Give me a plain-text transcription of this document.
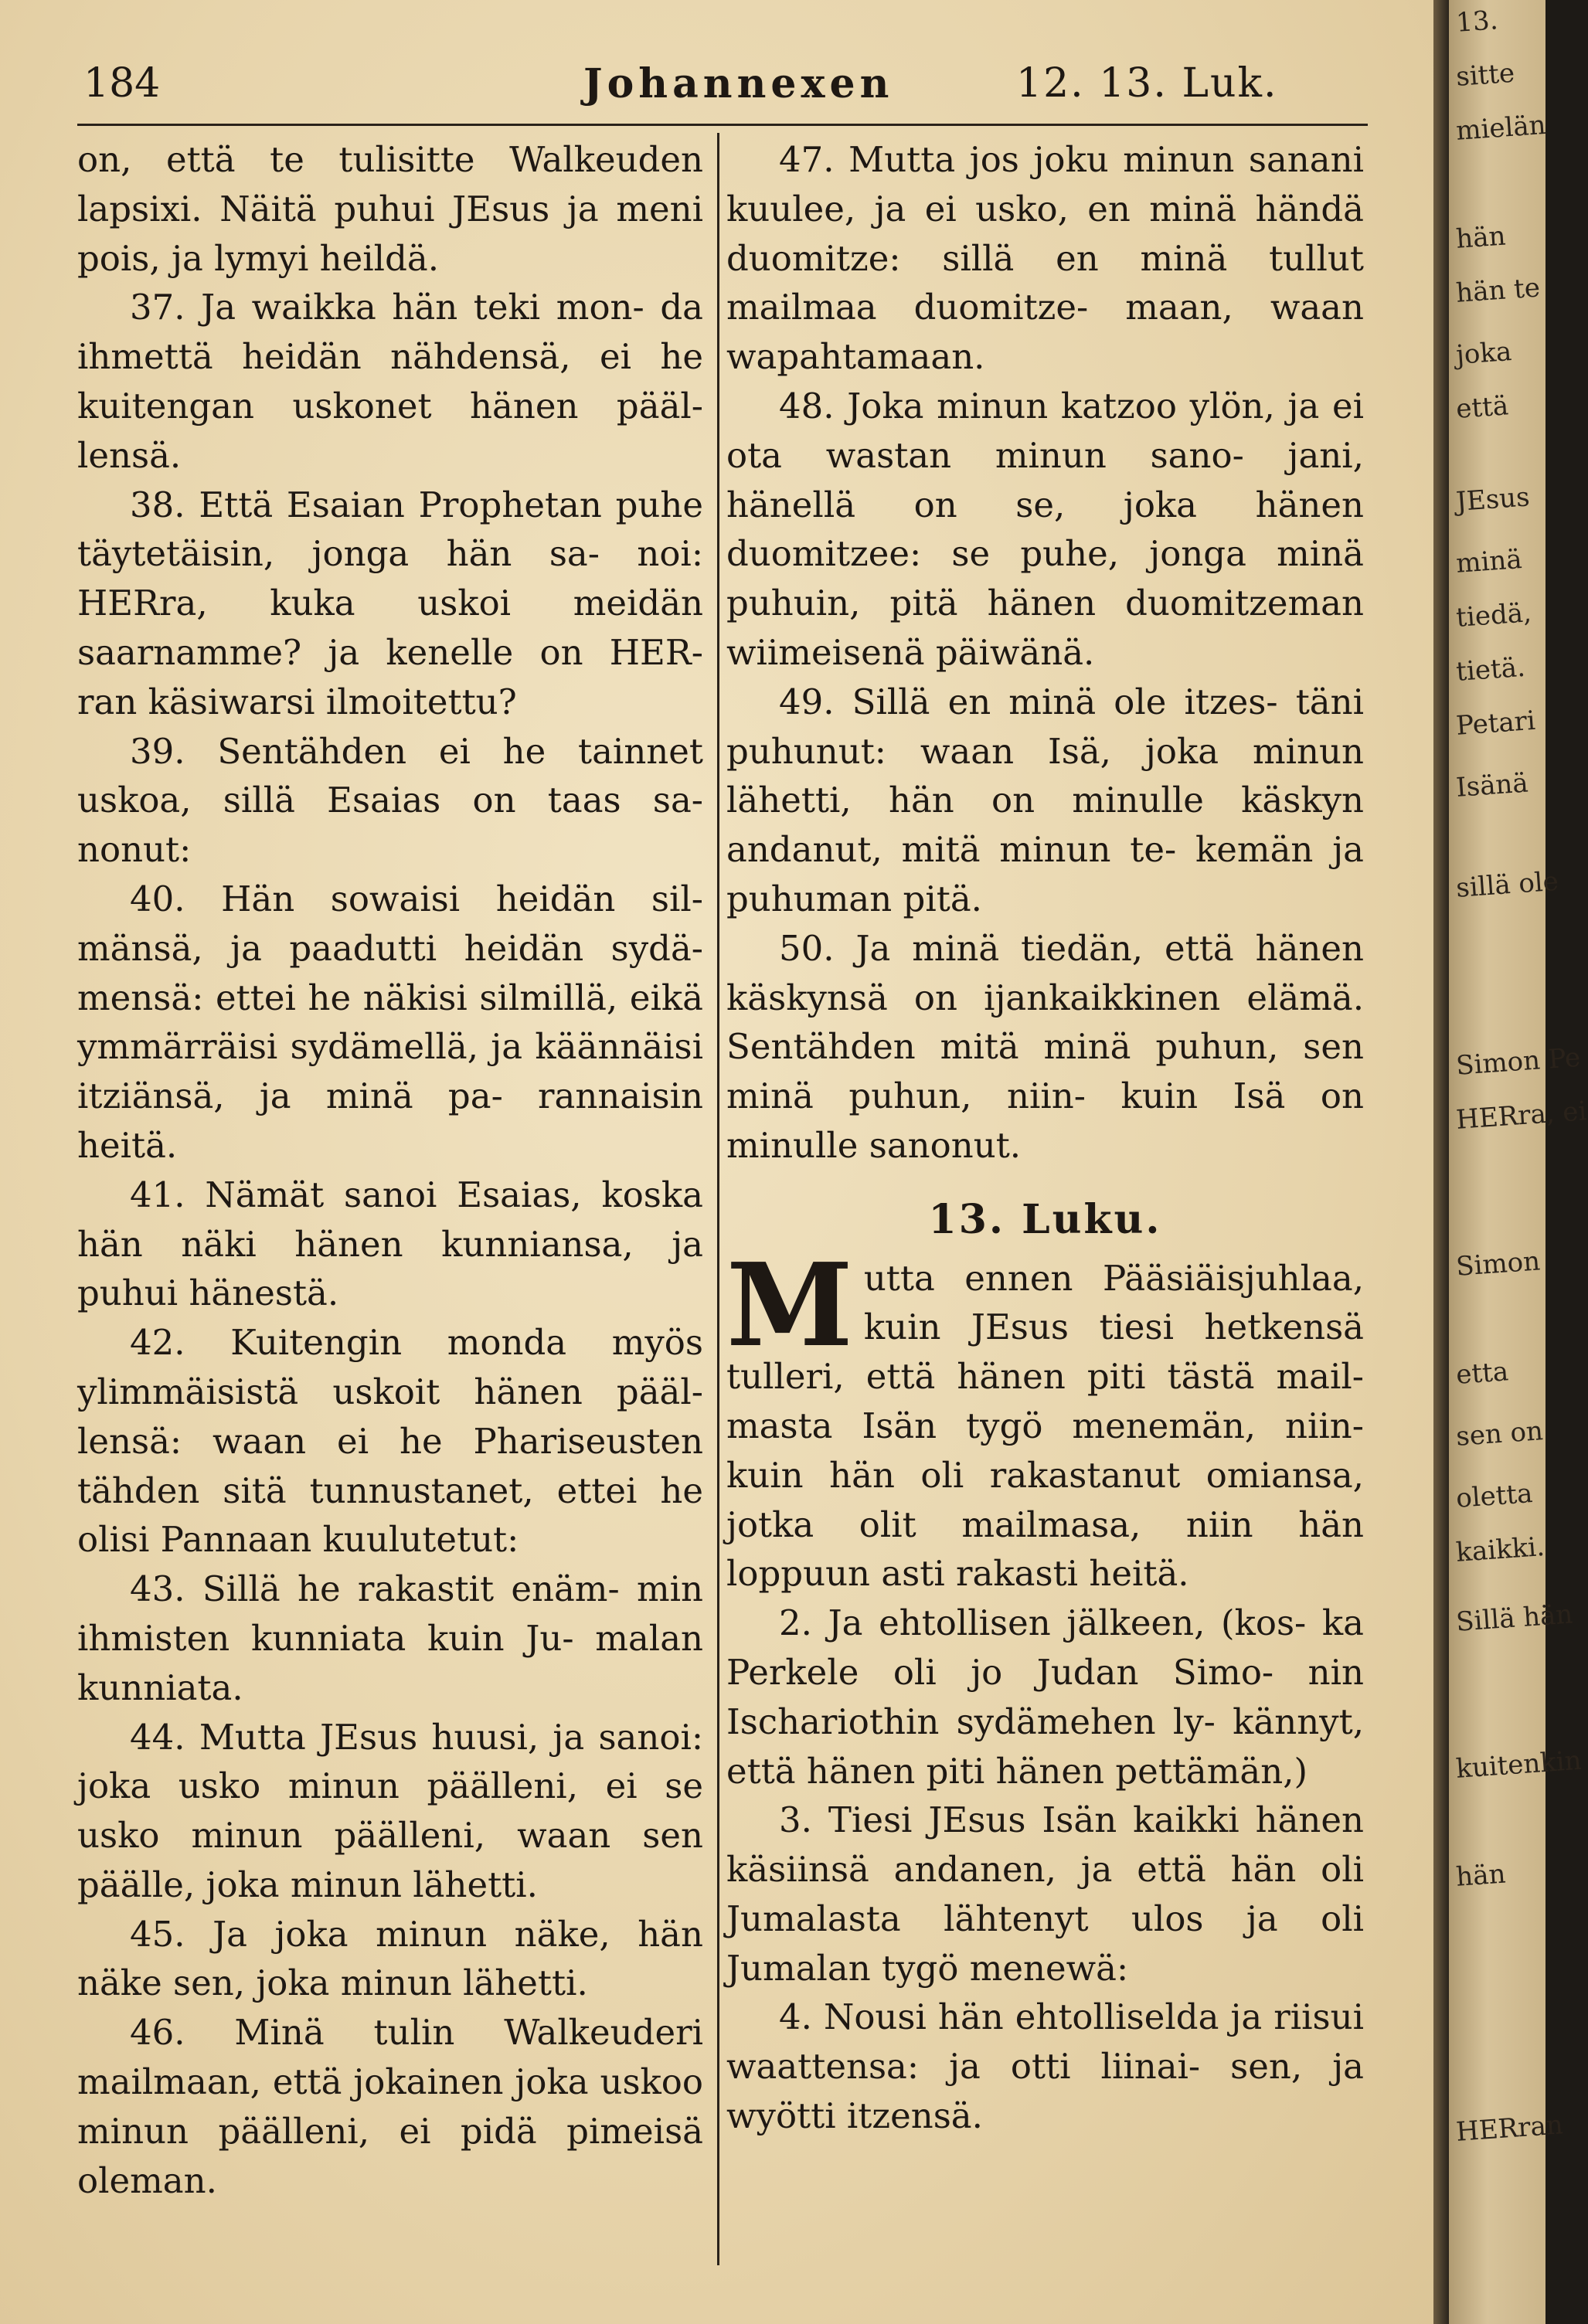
184	Johannexen	12. 13. Luk.

on, että te tulisitte Walkeuden lapsixi. Näitä puhui JEsus ja meni pois, ja lymyi heildä.

37. Ja waikka hän teki mon- da ihmettä heidän nähdensä, ei he kuitengan uskonet hänen pääl- lensä.

38. Että Esaian Prophetan puhe täytetäisin, jonga hän sa- noi: HERra, kuka uskoi meidän saarnamme? ja kenelle on HER- ran käsiwarsi ilmoitettu?

39. Sentähden ei he tainnet uskoa, sillä Esaias on taas sa- nonut:

40. Hän sowaisi heidän sil- mänsä, ja paadutti heidän sydä- mensä: ettei he näkisi silmillä, eikä ymmärräisi sydämellä, ja käännäisi itziänsä, ja minä pa- rannaisin heitä.

41. Nämät sanoi Esaias, koska hän näki hänen kunniansa, ja puhui hänestä.

42. Kuitengin monda myös ylimmäisistä uskoit hänen pääl- lensä: waan ei he Phariseusten tähden sitä tunnustanet, ettei he olisi Pannaan kuulutetut:

43. Sillä he rakastit enäm- min ihmisten kunniata kuin Ju- malan kunniata.

44. Mutta JEsus huusi, ja sanoi: joka usko minun päälleni, ei se usko minun päälleni, waan sen päälle, joka minun lähetti.

45. Ja joka minun näke, hän näke sen, joka minun lähetti.

46. Minä tulin Walkeuderi mailmaan, että jokainen joka uskoo minun päälleni, ei pidä pimeisä oleman.

47. Mutta jos joku minun sanani kuulee, ja ei usko, en minä händä duomitze: sillä en minä tullut mailmaa duomitze- maan, waan wapahtamaan.

48. Joka minun katzoo ylön, ja ei ota wastan minun sano- jani, hänellä on se, joka hänen duomitzee: se puhe, jonga minä puhuin, pitä hänen duomitzeman wiimeisenä päiwänä.

49. Sillä en minä ole itzes- täni puhunut: waan Isä, joka minun lähetti, hän on minulle käskyn andanut, mitä minun te- kemän ja puhuman pitä.

50. Ja minä tiedän, että hänen käskynsä on ijankaikkinen elämä. Sentähden mitä minä puhun, sen minä puhun, niin- kuin Isä on minulle sanonut.

13. Luku.

Mutta ennen Pääsiäisjuhlaa, kuin JEsus tiesi hetkensä tulleri, että hänen piti tästä mail- masta Isän tygö menemän, niin- kuin hän oli rakastanut omiansa, jotka olit mailmasa, niin hän loppuun asti rakasti heitä.

2. Ja ehtollisen jälkeen, (kos- ka Perkele oli jo Judan Simo- nin Ischariothin sydämehen ly- kännyt, että hänen piti hänen pettämän,)

3. Tiesi JEsus Isän kaikki hänen käsiinsä andanen, ja että hän oli Jumalasta lähtenyt ulos ja oli Jumalan tygö menewä:

4. Nousi hän ehtolliselda ja riisui waattensa: ja otti liinai- sen, ja wyötti itzensä.

13.
sitte
mielän
hän
hän te
joka
että
JEsus
minä
tiedä,
tietä.
Petari
Isänä
sillä ole
Simon Pe
HERra, ei
Simon
etta
sen on
oletta
kaikki.
Sillä hän
kuitenkin
hän
HERran
